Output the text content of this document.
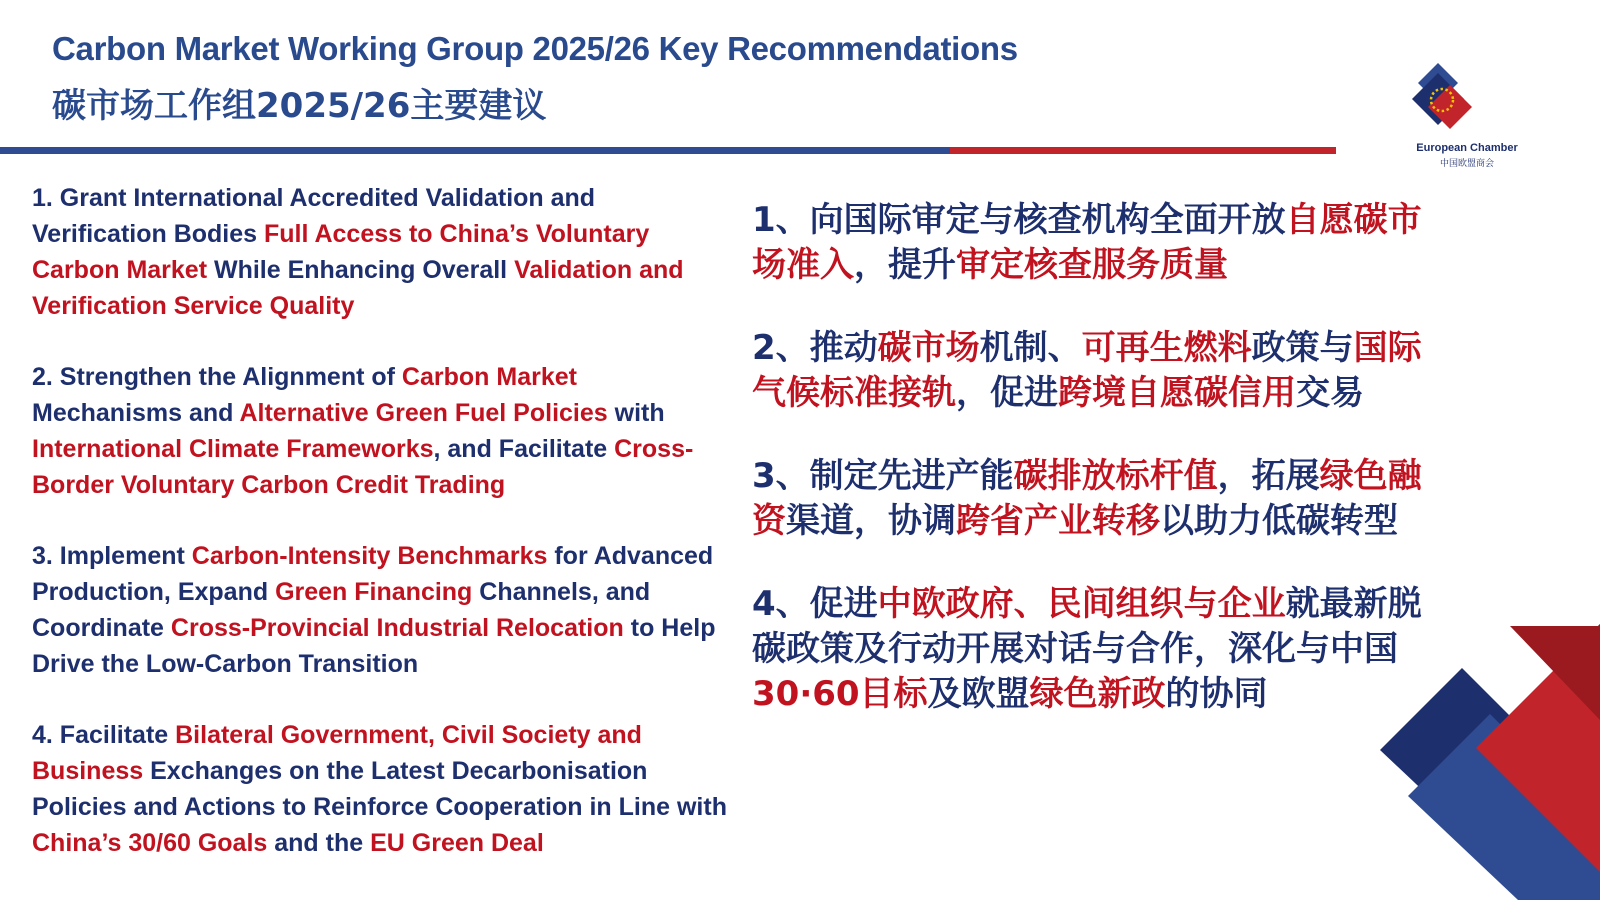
Carbon Market Working Group 2025/26 Key Recommendations
碳市场工作组2025/26主要建议
European Chamber
中国欧盟商会

1. Grant International Accredited Validation and Verification Bodies Full Access to China’s Voluntary Carbon Market While Enhancing Overall Validation and Verification Service Quality

2. Strengthen the Alignment of Carbon Market Mechanisms and Alternative Green Fuel Policies with International Climate Frameworks, and Facilitate Cross-Border Voluntary Carbon Credit Trading

3. Implement Carbon-Intensity Benchmarks for Advanced Production, Expand Green Financing Channels, and Coordinate Cross-Provincial Industrial Relocation to Help Drive the Low-Carbon Transition

4. Facilitate Bilateral Government, Civil Society and Business Exchanges on the Latest Decarbonisation Policies and Actions to Reinforce Cooperation in Line with China’s 30/60 Goals and the EU Green Deal

1、向国际审定与核查机构全面开放自愿碳市场准入，提升审定核查服务质量

2、推动碳市场机制、可再生燃料政策与国际气候标准接轨，促进跨境自愿碳信用交易

3、制定先进产能碳排放标杆值，拓展绿色融资渠道，协调跨省产业转移以助力低碳转型

4、促进中欧政府、民间组织与企业就最新脱碳政策及行动开展对话与合作，深化与中国30·60目标及欧盟绿色新政的协同
